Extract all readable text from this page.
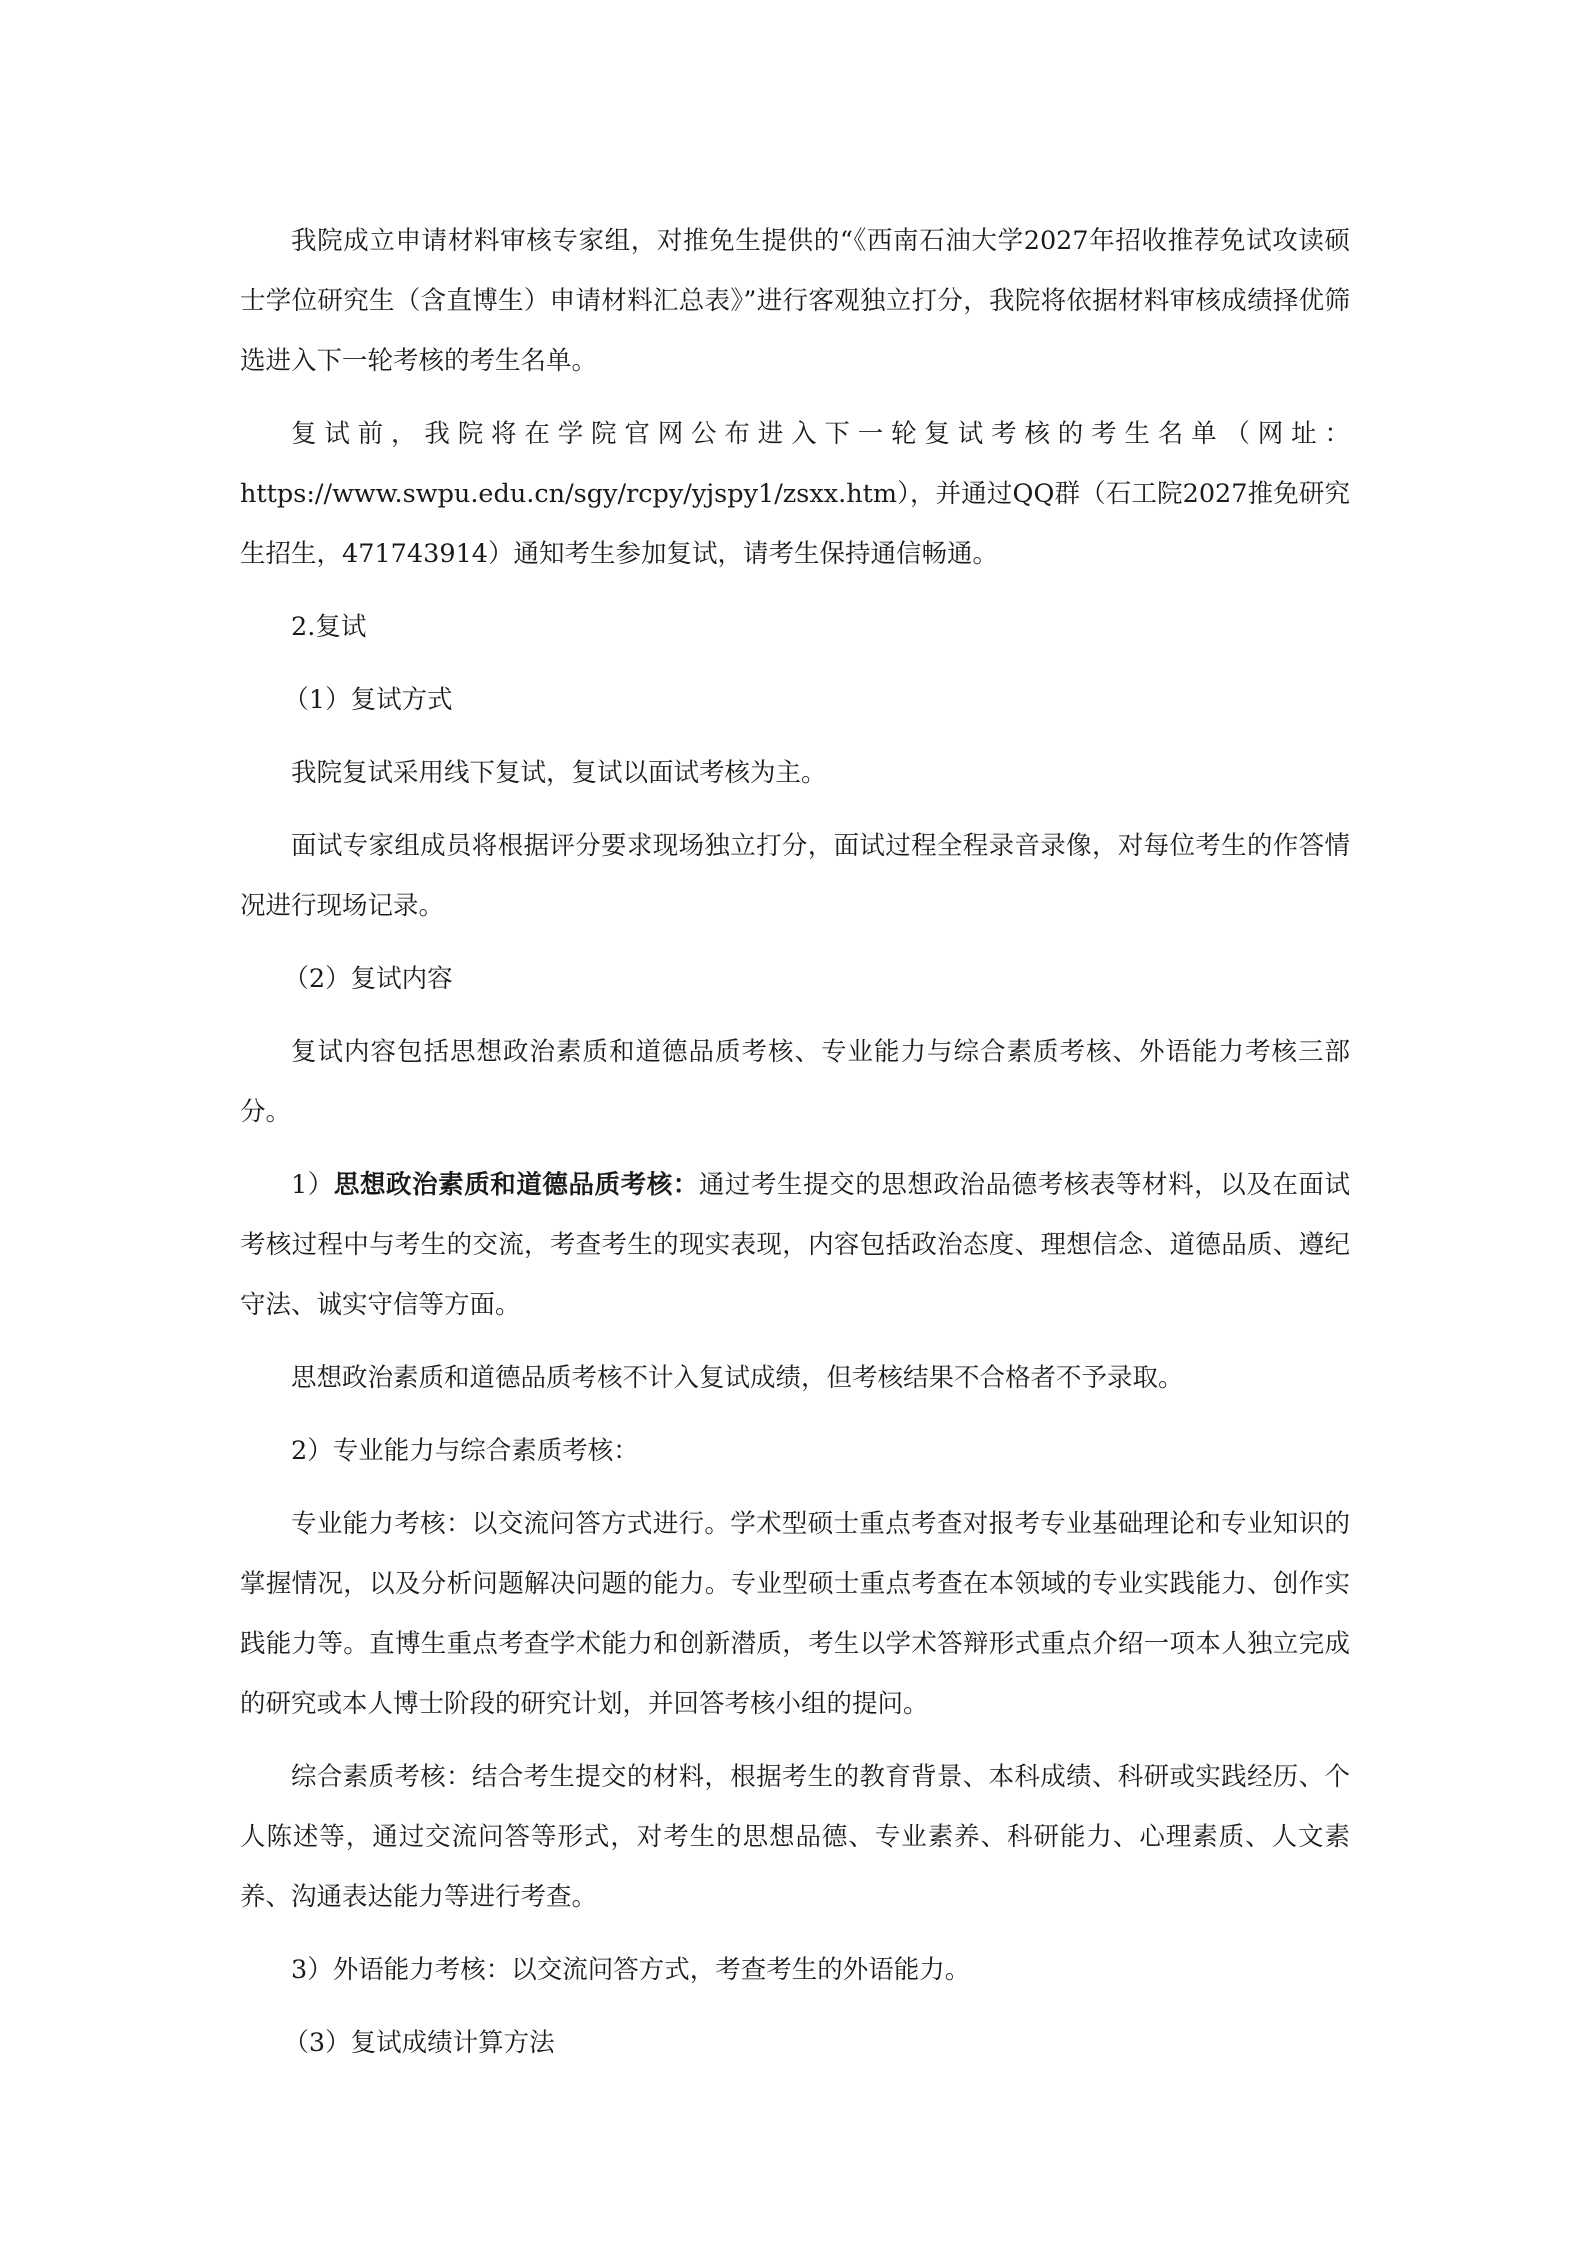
我院成立申请材料审核专家组，对推免生提供的“《西南石油大学2027年招收推荐免试攻读硕士学位研究生（含直博生）申请材料汇总表》”进行客观独立打分，我院将依据材料审核成绩择优筛选进入下一轮考核的考生名单。

复试前，我院将在学院官网公布进入下一轮复试考核的考生名单（网址：https://www.swpu.edu.cn/sgy/rcpy/yjspy1/zsxx.htm），并通过QQ群（石工院2027推免研究生招生，471743914）通知考生参加复试，请考生保持通信畅通。

2.复试

（1）复试方式

我院复试采用线下复试，复试以面试考核为主。

面试专家组成员将根据评分要求现场独立打分，面试过程全程录音录像，对每位考生的作答情况进行现场记录。

（2）复试内容

复试内容包括思想政治素质和道德品质考核、专业能力与综合素质考核、外语能力考核三部分。

1）思想政治素质和道德品质考核：通过考生提交的思想政治品德考核表等材料，以及在面试考核过程中与考生的交流，考查考生的现实表现，内容包括政治态度、理想信念、道德品质、遵纪守法、诚实守信等方面。

思想政治素质和道德品质考核不计入复试成绩，但考核结果不合格者不予录取。

2）专业能力与综合素质考核：

专业能力考核：以交流问答方式进行。学术型硕士重点考查对报考专业基础理论和专业知识的掌握情况，以及分析问题解决问题的能力。专业型硕士重点考查在本领域的专业实践能力、创作实践能力等。直博生重点考查学术能力和创新潜质，考生以学术答辩形式重点介绍一项本人独立完成的研究或本人博士阶段的研究计划，并回答考核小组的提问。

综合素质考核：结合考生提交的材料，根据考生的教育背景、本科成绩、科研或实践经历、个人陈述等，通过交流问答等形式，对考生的思想品德、专业素养、科研能力、心理素质、人文素养、沟通表达能力等进行考查。

3）外语能力考核：以交流问答方式，考查考生的外语能力。

（3）复试成绩计算方法
